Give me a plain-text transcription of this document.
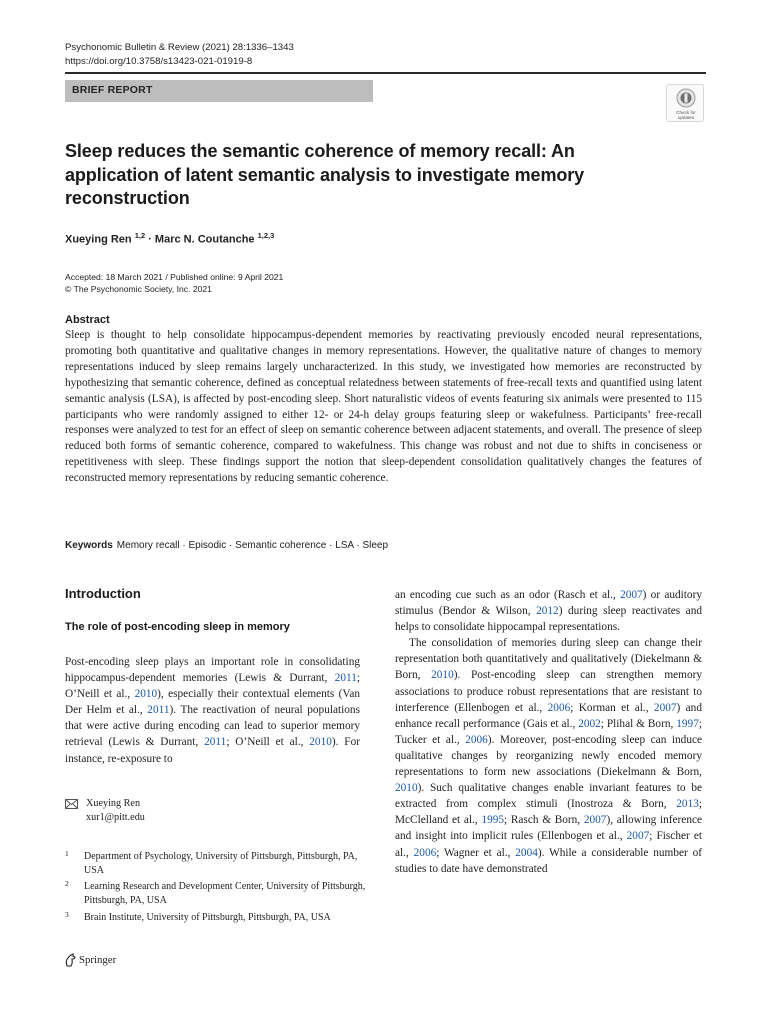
Psychonomic Bulletin & Review (2021) 28:1336–1343
https://doi.org/10.3758/s13423-021-01919-8
BRIEF REPORT
Check for
updates
Sleep reduces the semantic coherence of memory recall: An application of latent semantic analysis to investigate memory reconstruction
Xueying Ren $^{1,2}$ · Marc N. Coutanche $^{1,2,3}$
Accepted: 18 March 2021 / Published online: 9 April 2021
© The Psychonomic Society, Inc. 2021
Abstract
Sleep is thought to help consolidate hippocampus-dependent memories by reactivating previously encoded neural representations, promoting both quantitative and qualitative changes in memory representations. However, the qualitative nature of changes to memory representations induced by sleep remains largely uncharacterized. In this study, we investigated how memories are reconstructed by hypothesizing that semantic coherence, defined as conceptual relatedness between statements of free-recall texts and quantified using latent semantic analysis (LSA), is affected by post-encoding sleep. Short naturalistic videos of events featuring six animals were presented to 115 participants who were randomly assigned to either 12- or 24-h delay groups featuring sleep or wakefulness. Participants’ free-recall responses were analyzed to test for an effect of sleep on semantic coherence between adjacent statements, and overall. The presence of sleep reduced both forms of semantic coherence, compared to wakefulness. This change was robust and not due to shifts in conciseness or repetitiveness with sleep. These findings support the notion that sleep-dependent consolidation qualitatively changes the features of reconstructed memory representations by reducing semantic coherence.
Keywords Memory recall · Episodic · Semantic coherence · LSA · Sleep
Introduction
The role of post-encoding sleep in memory

Post-encoding sleep plays an important role in consolidating hippocampus-dependent memories (Lewis & Durrant, 2011; O’Neill et al., 2010), especially their contextual elements (Van Der Helm et al., 2011). The reactivation of neural populations that were active during encoding can lead to superior memory retrieval (Lewis & Durrant, 2011; O’Neill et al., 2010). For instance, re-exposure to

an encoding cue such as an odor (Rasch et al., 2007) or auditory stimulus (Bendor & Wilson, 2012) during sleep reactivates and helps to consolidate hippocampal representations.

The consolidation of memories during sleep can change their representation both quantitatively and qualitatively (Diekelmann & Born, 2010). Post-encoding sleep can strengthen memory associations to produce robust representations that are resistant to interference (Ellenbogen et al., 2006; Korman et al., 2007) and enhance recall performance (Gais et al., 2002; Plihal & Born, 1997; Tucker et al., 2006). Moreover, post-encoding sleep can induce qualitative changes by reorganizing newly encoded memory representations to form new associations (Diekelmann & Born, 2010). Such qualitative changes enable invariant features to be extracted from complex stimuli (Inostroza & Born, 2013; McClelland et al., 1995; Rasch & Born, 2007), allowing inference and insight into implicit rules (Ellenbogen et al., 2007; Fischer et al., 2006; Wagner et al., 2004). While a considerable number of studies to date have demonstrated

Xueying Ren
xur1@pitt.edu
1 Department of Psychology, University of Pittsburgh, Pittsburgh, PA, USA
2 Learning Research and Development Center, University of Pittsburgh, Pittsburgh, PA, USA
3 Brain Institute, University of Pittsburgh, Pittsburgh, PA, USA
Springer
